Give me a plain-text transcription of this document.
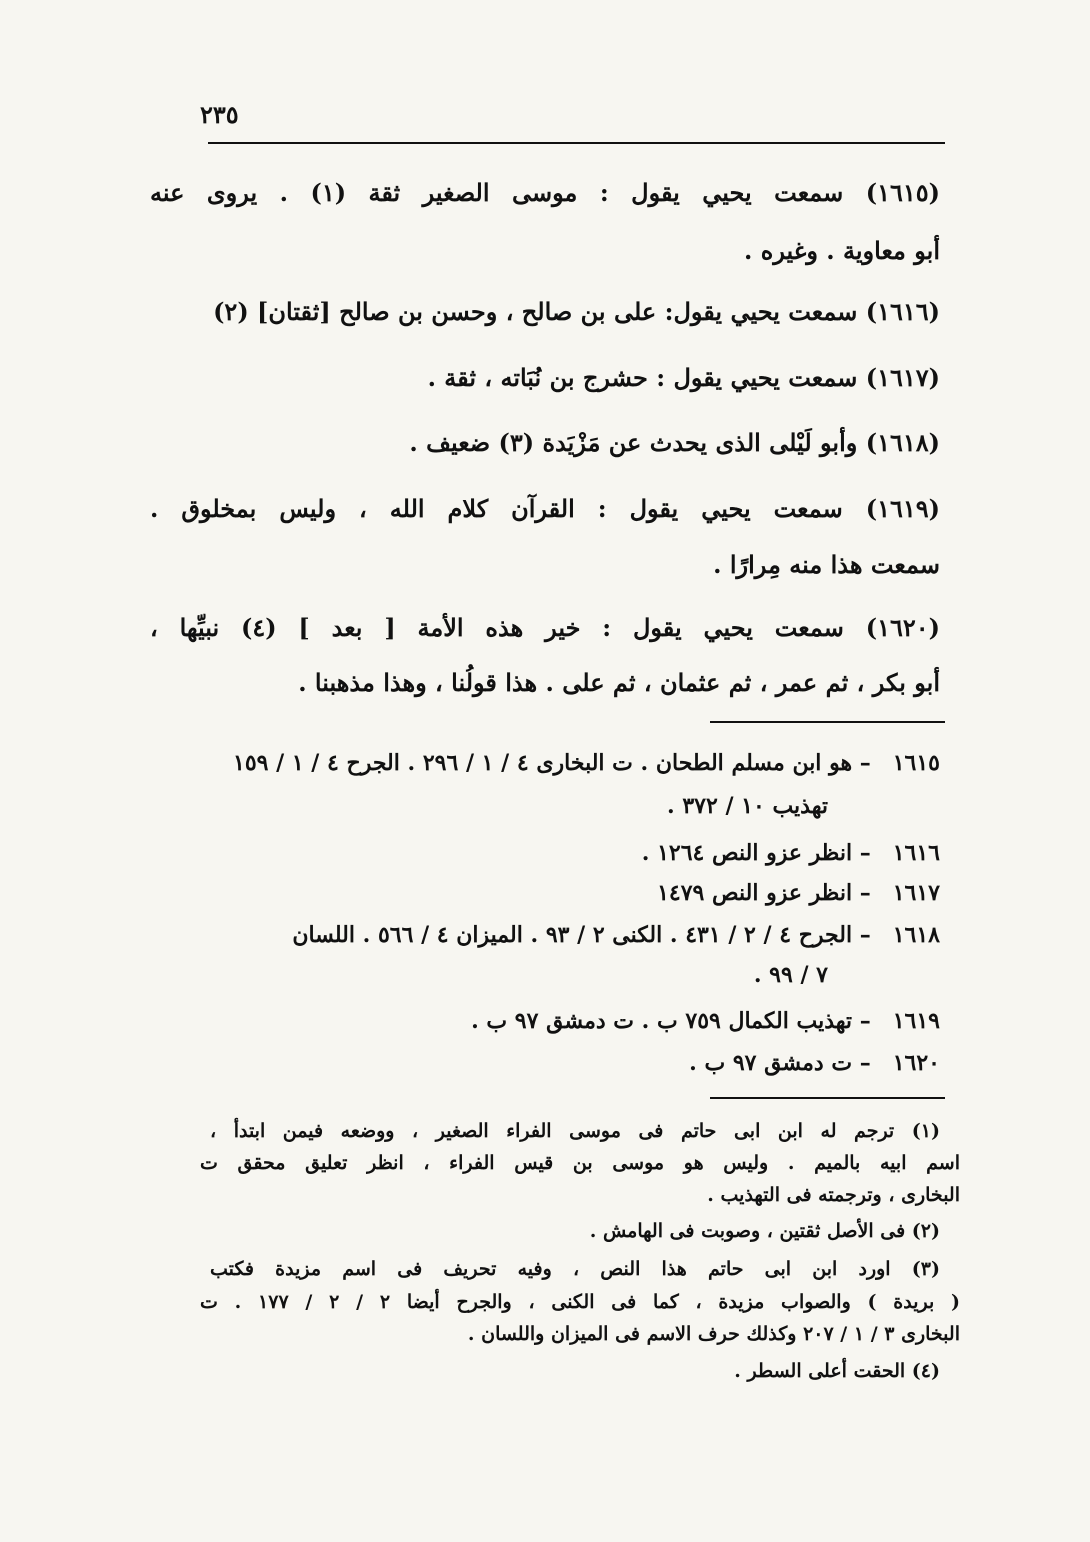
٢٣٥
(١٦١٥) سمعت يحيي يقول : موسى الصغير ثقة (١) . يروى عنه
أبو معاوية . وغيره .
(١٦١٦) سمعت يحيي يقول: على بن صالح ، وحسن بن صالح [ثقتان] (٢)
(١٦١٧) سمعت يحيي يقول : حشرج بن نُبَاته ، ثقة .
(١٦١٨) وأبو لَيْلى الذى يحدث عن مَزْيَدة (٣) ضعيف .
(١٦١٩) سمعت يحيي يقول : القرآن كلام الله ، وليس بمخلوق .
سمعت هذا منه مِرارًا .
(١٦٢٠) سمعت يحيي يقول : خير هذه الأمة [ بعد ] (٤) نبيِّها ،
أبو بكر ، ثم عمر ، ثم عثمان ، ثم على . هذا قولُنا ، وهذا مذهبنا .
١٦١٥– هو ابن مسلم الطحان . ت البخارى ٤ / ١ / ٢٩٦ . الجرح ٤ / ١ / ١٥٩
تهذيب ١٠ / ٣٧٢ .
١٦١٦– انظر عزو النص ١٢٦٤ .
١٦١٧– انظر عزو النص ١٤٧٩
١٦١٨– الجرح ٤ / ٢ / ٤٣١ . الكنى ٢ / ٩٣ . الميزان ٤ / ٥٦٦ . اللسان
٧ / ٩٩ .
١٦١٩– تهذيب الكمال ٧٥٩ ب . ت دمشق ٩٧ ب .
١٦٢٠– ت دمشق ٩٧ ب .
(١) ترجم له ابن ابى حاتم فى موسى الفراء الصغير ، ووضعه فيمن ابتدأ ،
اسم ابيه بالميم . وليس هو موسى بن قيس الفراء ، انظر تعليق محقق ت
البخارى ، وترجمته فى التهذيب .
(٢) فى الأصل ثقتين ، وصوبت فى الهامش .
(٣) اورد ابن ابى حاتم هذا النص ، وفيه تحريف فى اسم مزيدة فكتب
( بريدة ) والصواب مزيدة ، كما فى الكنى ، والجرح أيضا ٢ / ٢ / ١٧٧ . ت
البخارى ٣ / ١ / ٢٠٧ وكذلك حرف الاسم فى الميزان واللسان .
(٤) الحقت أعلى السطر .
